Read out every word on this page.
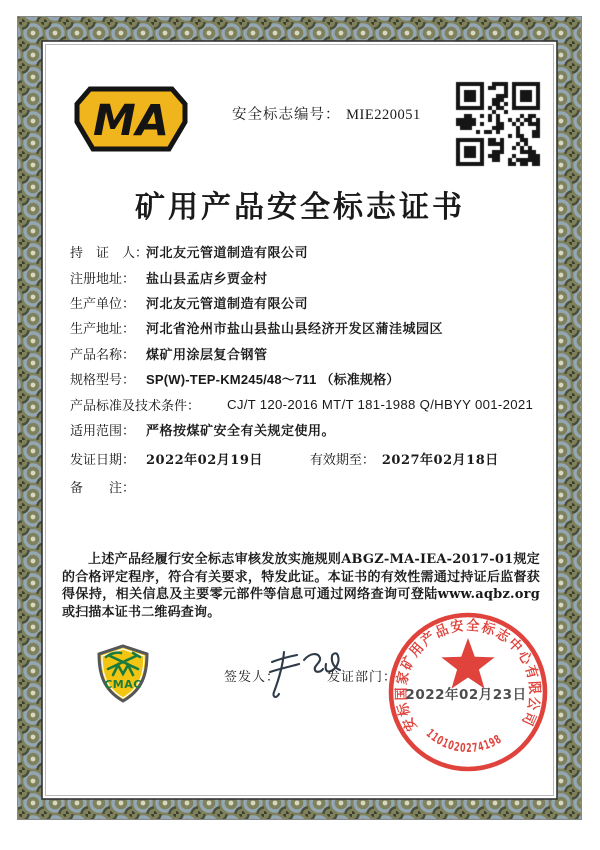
MA	安全标志编号： MIE220051
矿用产品安全标志证书
持　证　人：
河北友元管道制造有限公司
注册地址： 盐山县孟店乡贾金村
生产单位： 河北友元管道制造有限公司
生产地址： 河北省沧州市盐山县盐山县经济开发区蒲洼城园区
产品名称： 煤矿用涂层复合钢管
规格型号： SP(W)-TEP-KM245/48～711 （标准规格）
产品标准及技术条件：	CJ/T 120-2016 MT/T 181-1988 Q/HBYY 001-2021
适用范围： 严格按煤矿安全有关规定使用。
发证日期： 2022年02月19日	有效期至： 2027年02月18日
备　　注：
上述产品经履行安全标志审核发放实施规则ABGZ-MA-IEA-2017-01规定的合格评定程序，符合有关要求，特发此证。本证书的有效性需通过持证后监督获得保持，相关信息及主要零元部件等信息可通过网络查询可登陆www.aqbz.org或扫描本证书二维码查询。
CMAC	签发人：	发证部门：
安标国家矿用产品安全标志中心有限公司
2022年02月23日
1101020274198
